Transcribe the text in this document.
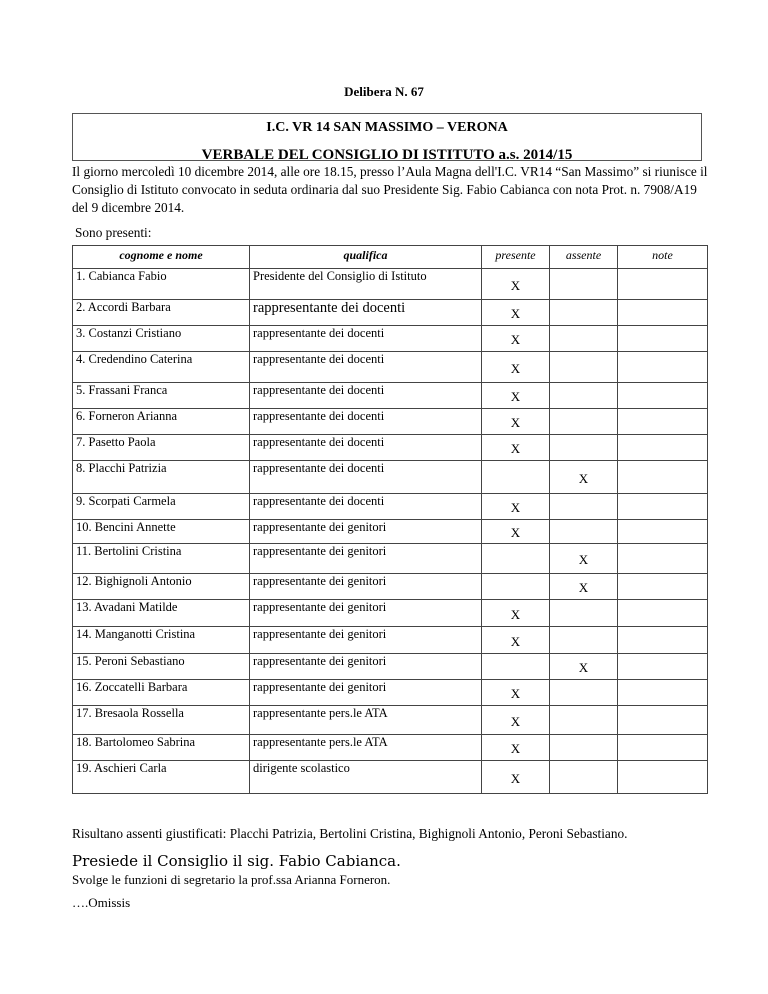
Delibera N. 67
I.C. VR 14 SAN MASSIMO – VERONA
VERBALE DEL CONSIGLIO DI ISTITUTO a.s. 2014/15
Il giorno mercoledì 10 dicembre 2014, alle ore 18.15, presso l’Aula Magna dell'I.C. VR14 “San Massimo” si riunisce il Consiglio di Istituto convocato in seduta ordinaria dal suo Presidente Sig. Fabio Cabianca con nota Prot. n. 7908/A19 del 9 dicembre 2014.
Sono presenti:
cognome e nome	qualifica	presente	assente	note
1. Cabianca Fabio	Presidente del Consiglio di Istituto	X		
2. Accordi Barbara	rappresentante dei docenti	X		
3. Costanzi Cristiano	rappresentante dei docenti	X		
4. Credendino Caterina	rappresentante dei docenti	X		
5. Frassani Franca	rappresentante dei docenti	X		
6. Forneron Arianna	rappresentante dei docenti	X		
7. Pasetto Paola	rappresentante dei docenti	X		
8. Placchi Patrizia	rappresentante dei docenti		X	
9. Scorpati Carmela	rappresentante dei docenti	X		
10. Bencini Annette	rappresentante dei genitori	X		
11. Bertolini Cristina	rappresentante dei genitori		X	
12. Bighignoli Antonio	rappresentante dei genitori		X	
13. Avadani Matilde	rappresentante dei genitori	X		
14. Manganotti Cristina	rappresentante dei genitori	X		
15. Peroni Sebastiano	rappresentante dei genitori		X	
16. Zoccatelli Barbara	rappresentante dei genitori	X		
17. Bresaola Rossella	rappresentante pers.le ATA	X		
18. Bartolomeo Sabrina	rappresentante pers.le ATA	X		
19. Aschieri Carla	dirigente scolastico	X		
Risultano assenti giustificati: Placchi Patrizia, Bertolini Cristina, Bighignoli Antonio, Peroni Sebastiano.
Presiede il Consiglio il sig. Fabio Cabianca.
Svolge le funzioni di segretario la prof.ssa Arianna Forneron.
….Omissis
